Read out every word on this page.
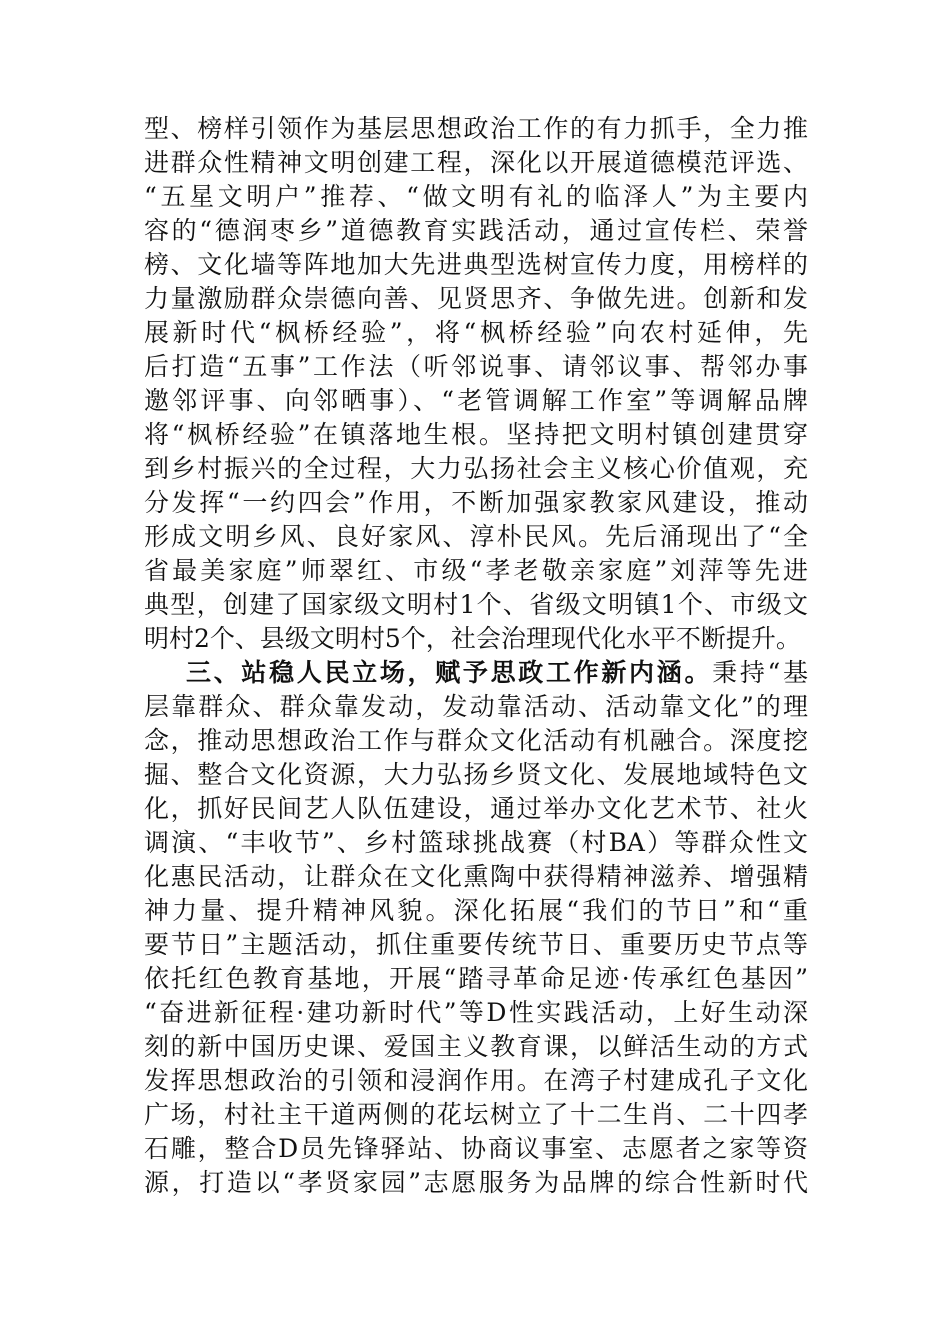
型、榜样引领作为基层思想政治工作的有力抓手，全力推
进群众性精神文明创建工程，深化以开展道德模范评选、
“五星文明户”推荐、“做文明有礼的临泽人”为主要内
容的“德润枣乡”道德教育实践活动，通过宣传栏、荣誉
榜、文化墙等阵地加大先进典型选树宣传力度，用榜样的
力量激励群众崇德向善、见贤思齐、争做先进。创新和发
展新时代“枫桥经验”，将“枫桥经验”向农村延伸，先
后打造“五事”工作法（听邻说事、请邻议事、帮邻办事
邀邻评事、向邻晒事）、“老管调解工作室”等调解品牌
将“枫桥经验”在镇落地生根。坚持把文明村镇创建贯穿
到乡村振兴的全过程，大力弘扬社会主义核心价值观，充
分发挥“一约四会”作用，不断加强家教家风建设，推动
形成文明乡风、良好家风、淳朴民风。先后涌现出了“全
省最美家庭”师翠红、市级“孝老敬亲家庭”刘萍等先进
典型，创建了国家级文明村1个、省级文明镇1个、市级文
明村2个、县级文明村5个，社会治理现代化水平不断提升。
三、站稳人民立场，赋予思政工作新内涵。秉持“基
层靠群众、群众靠发动，发动靠活动、活动靠文化”的理
念，推动思想政治工作与群众文化活动有机融合。深度挖
掘、整合文化资源，大力弘扬乡贤文化、发展地域特色文
化，抓好民间艺人队伍建设，通过举办文化艺术节、社火
调演、“丰收节”、乡村篮球挑战赛（村BA）等群众性文
化惠民活动，让群众在文化熏陶中获得精神滋养、增强精
神力量、提升精神风貌。深化拓展“我们的节日”和“重
要节日”主题活动，抓住重要传统节日、重要历史节点等
依托红色教育基地，开展“踏寻革命足迹·传承红色基因”
“奋进新征程·建功新时代”等D性实践活动，上好生动深
刻的新中国历史课、爱国主义教育课，以鲜活生动的方式
发挥思想政治的引领和浸润作用。在湾子村建成孔子文化
广场，村社主干道两侧的花坛树立了十二生肖、二十四孝
石雕，整合D员先锋驿站、协商议事室、志愿者之家等资
源，打造以“孝贤家园”志愿服务为品牌的综合性新时代
